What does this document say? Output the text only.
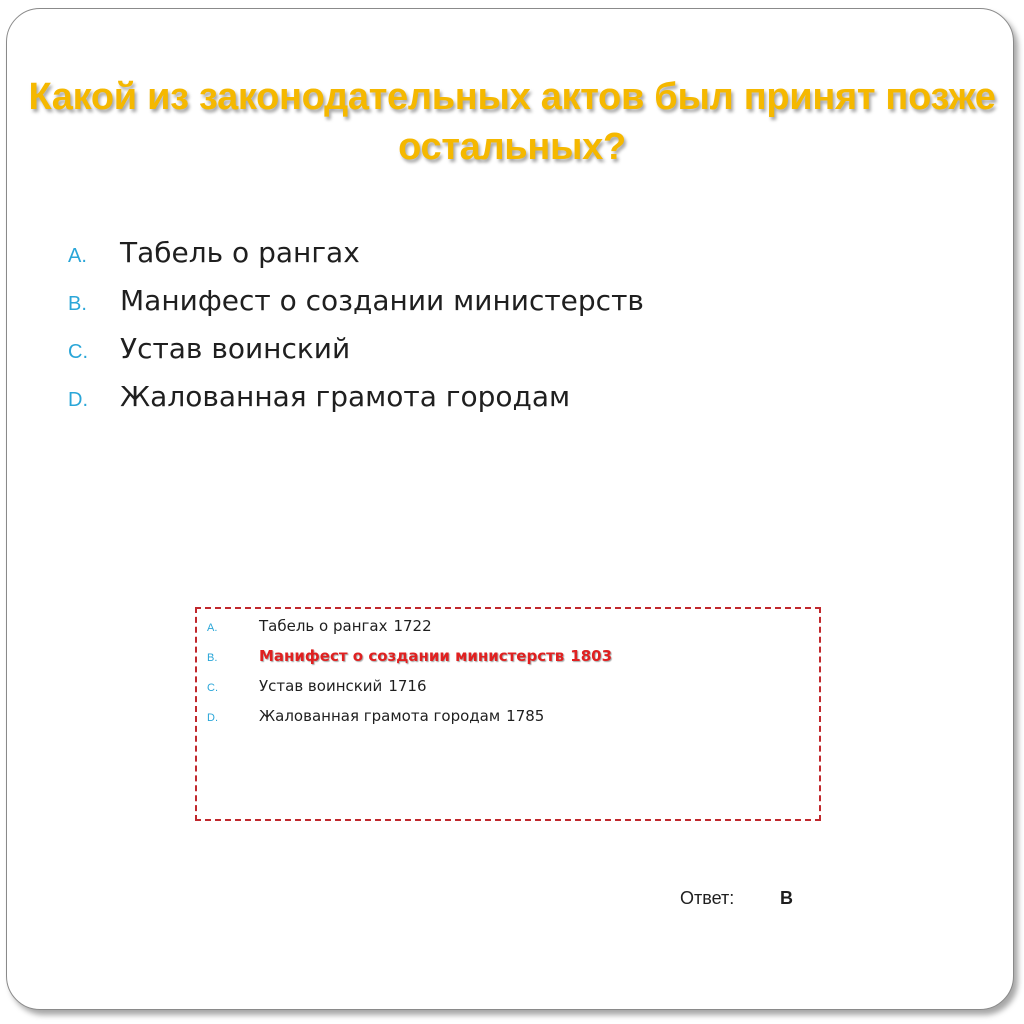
Какой из законодательных актов был принят позже
остальных?
A.	Табель о рангах
B.	Манифест о создании министерств
C.	Устав воинский
D.	Жалованная грамота городам
A.	Табель о рангах 1722
B.	Манифест о создании министерств 1803
C.	Устав воинский 1716
D.	Жалованная грамота городам 1785
Ответ:	B
